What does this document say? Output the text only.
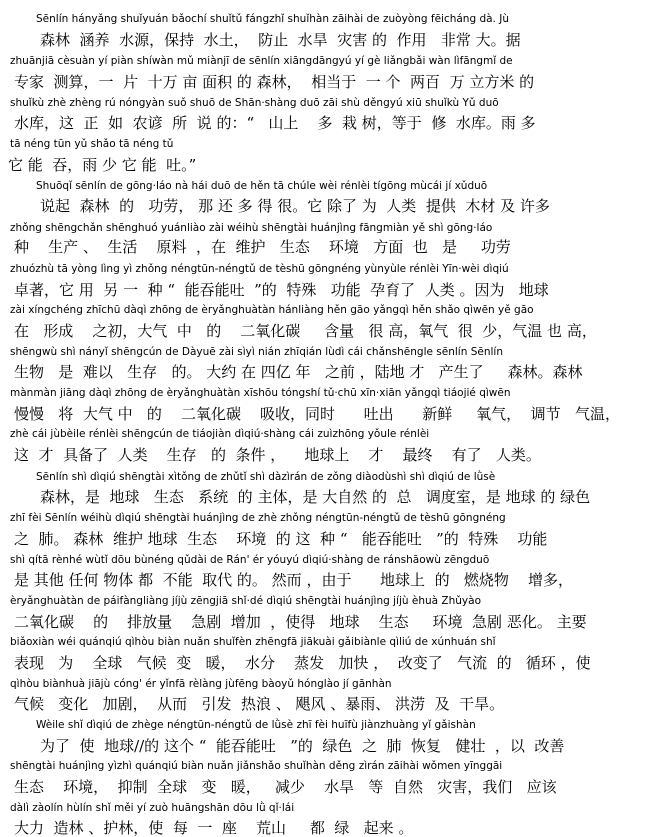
Sēnlín hányǎng shuǐyuán bǎochí shuǐtǔ fángzhǐ shuǐhàn zāihài de zuòyòng fēicháng dà. Jù
森林  涵养  水源，保持  水土，  防止  水旱  灾害 的  作用   非常 大。据
zhuānjiā cèsuàn yí piàn shíwàn mǔ miànjī de sēnlín xiāngdāngyú yí gè liǎngbǎi wàn lìfāngmǐ de
专家  测算，一  片  十万 亩 面积 的 森林，  相当于  一 个  两百  万 立方米 的
shuǐkù zhè zhèng rú nóngyàn suǒ shuō de Shān·shàng duō zāi shù děngyú xiū shuǐkù Yǔ duō
水库，这  正  如  农谚  所  说 的：“   山上    多  栽 树，等于  修  水库。雨 多
tā néng tūn yǔ shǎo tā néng tǔ
它 能  吞，雨 少 它 能  吐。”
Shuōqǐ sēnlín de gōng·láo nà hái duō de hěn tā chúle wèi rénlèi tígōng mùcái jí xǔduō
说起  森林  的   功劳， 那 还 多 得 很。它 除了 为  人类  提供  木材 及 许多
zhǒng shēngchǎn shēnghuó yuánliào zài wéihù shēngtài huánjìng fāngmiàn yě shì gōng·láo
种    生产 、  生活    原料  ，在  维护   生态    环境   方面  也   是     功劳
zhuózhù tā yòng lìng yì zhǒng néngtūn-néngtǔ de tèshū gōngnéng yùnyùle rénlèi Yīn·wèi dìqiú
卓著，它 用  另 一  种 “  能吞能吐  ”的  特殊   功能  孕育了  人类 。因为   地球
zài xíngchéng zhīchū dàqì zhōng de èryǎnghuàtàn hánliàng hěn gāo yǎngqì hěn shǎo qìwēn yě gāo
在   形成    之初，大气  中   的    二氧化碳     含量   很 高，氧气  很  少，气温 也 高，
shēngwù shì nányǐ shēngcún de Dàyuē zài sìyì nián zhīqián lùdì cái chǎnshēngle sēnlín Sēnlín
生物   是  难以   生存   的。 大约 在 四亿 年   之前 ，陆地 才   产生了     森林。森林
mànmàn jiāng dàqì zhōng de èryǎnghuàtàn xīshōu tóngshí tǔ·chū xīn·xiān yǎngqì tiáojié qìwēn
慢慢   将  大气 中   的    二氧化碳    吸收，同时      吐出      新鲜     氧气，  调节   气温，
zhè cái jùbèile rénlèi shēngcún de tiáojiàn dìqiú·shàng cái zuìzhōng yǒule rénlèi
这  才  具备了  人类    生存   的  条件 ，    地球上    才    最终    有了   人类。
Sēnlín shì dìqiú shēngtài xìtǒng de zhǔtǐ shì dàzìrán de zǒng diàodùshì shì dìqiú de lǜsè
森林，是  地球   生态   系统  的 主体，是 大自然 的  总   调度室，是 地球 的 绿色
zhī fèi Sēnlín wéihù dìqiú shēngtài huánjìng de zhè zhǒng néngtūn-néngtǔ de tèshū gōngnéng
之  肺。 森林  维护 地球  生态    环境  的 这  种 “   能吞能吐   ”的  特殊    功能
shì qítā rènhé wùtǐ dōu bùnéng qǔdài de Rán' ér yóuyú dìqiú·shàng de ránshāowù zēngduō
是 其他 任何 物体 都  不能  取代 的。 然而 ，由于      地球上  的   燃烧物    增多，
èryǎnghuàtàn de páifàngliàng jíjù zēngjiā shǐ·dé dìqiú shēngtài huánjìng jíjù èhuà Zhǔyào
二氧化碳    的    排放量    急剧  增加  ，使得   地球    生态     环境  急剧 恶化。 主要
biǎoxiàn wéi quánqiú qìhòu biàn nuǎn shuǐfèn zhēngfā jiākuài gǎibiànle qìliú de xúnhuán shǐ
表现   为    全球   气候  变   暖，  水分    蒸发   加快 ，  改变了   气流  的   循环 ，使
qìhòu biànhuà jiājù cóng' ér yǐnfā rèlàng jùfēng bàoyǔ hónglào jí gānhàn
气候   变化   加剧，  从而   引发  热浪 、 飓风 、暴雨、 洪涝  及  干旱。
Wèile shǐ dìqiú de zhège néngtūn-néngtǔ de lǜsè zhī fèi huīfù jiànzhuàng yǐ gǎishàn
为了  使  地球//的 这个 “  能吞能吐   ”的  绿色  之  肺  恢复   健壮  ，以  改善
shēngtài huánjìng yìzhì quánqiú biàn nuǎn jiǎnshǎo shuǐhàn děng zìrán zāihài wǒmen yīnggāi
生态    环境，  抑制  全球   变   暖，   减少    水旱   等  自然   灾害，我们   应该
dàlì zàolín hùlín shǐ měi yí zuò huāngshān dōu lǜ qǐ·lái
大力  造林 、护林，使  每  一  座    荒山     都  绿   起来 。
